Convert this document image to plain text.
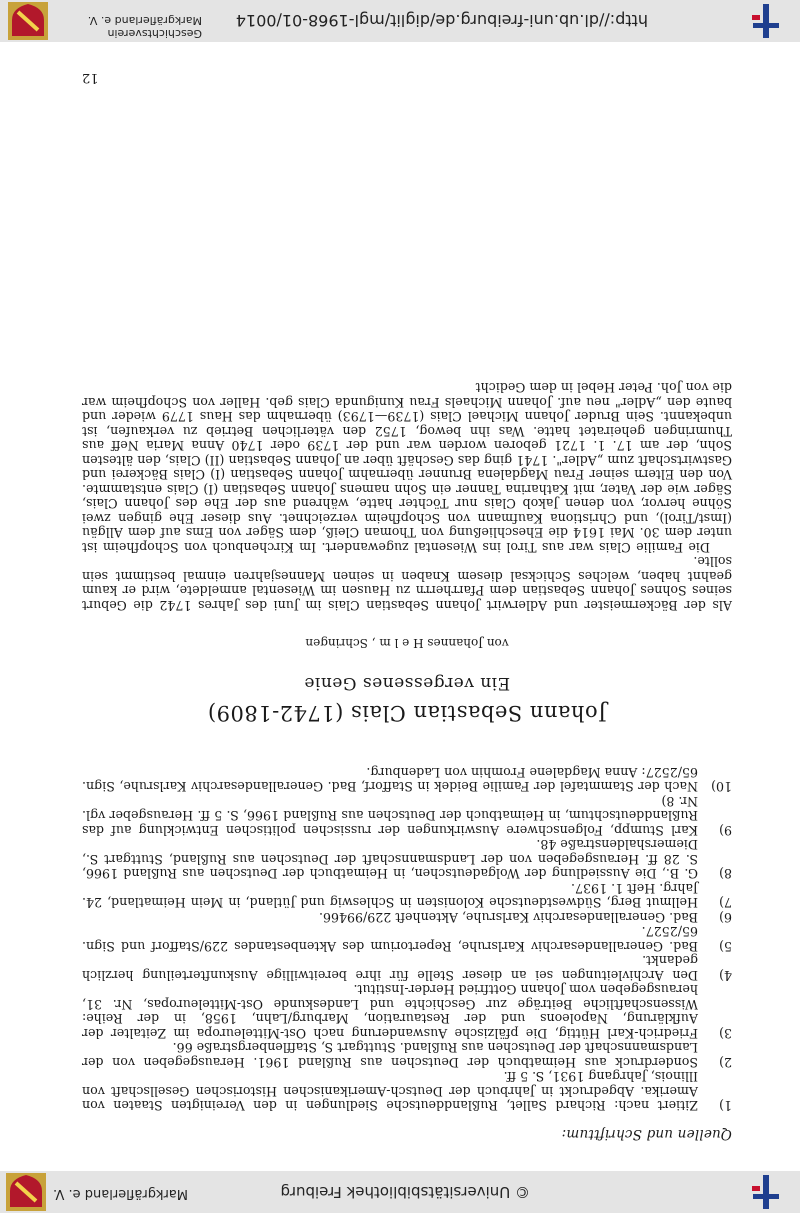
© Universitätsbibliothek Freiburg
Markgräflerland e. V.
Quellen und Schrifttum:
1)
Zitiert nach: Richard Sallet, Rußlanddeutsche Siedlungen in den Vereinigten Staaten von Amerika. Abgedruckt in Jahrbuch der Deutsch-Amerikanischen Historischen Gesellschaft von Illinois, Jahrgang 1931, S. 5 ff.
2)
Sonderdruck aus Heimatbuch der Deutschen aus Rußland 1961. Herausgegeben von der Landsmannschaft der Deutschen aus Rußland. Stuttgart S, Stafflenbergstraße 66.
3)
Friedrich-Karl Hüttig, Die pfälzische Auswanderung nach Ost-Mitteleuropa im Zeitalter der Aufklärung, Napoleons und der Restauration, Marburg/Lahn, 1958, in der Reihe: Wissenschaftliche Beiträge zur Geschichte und Landeskunde Ost-Mitteleuropas, Nr. 31, herausgegeben vom Johann Gottfried Herder-Institut.
4)
Den Archivleitungen sei an dieser Stelle für ihre bereitwillige Auskunfterteilung herzlich gedankt.
5)
Bad. Generallandesarchiv Karlsruhe, Repertorium des Aktenbestandes 229/Stafforf und Sign. 65/2527.
6)
Bad. Generallandesarchiv Karlsruhe, Aktenheft 229/99466.
7)
Hellmut Berg, Südwestdeutsche Kolonisten in Schleswig und Jütland, in Mein Heimatland, 24. Jahrg. Heft 1. 1937.
8)
G. B., Die Aussiedlung der Wolgadeutschen, in Heimatbuch der Deutschen aus Rußland 1966, S. 28 ff. Herausgegeben von der Landsmannschaft der Deutschen aus Rußland, Stuttgart S., Diemershaldenstraße 48.
9)
Karl Stumpp, Folgenschwere Auswirkungen der russischen politischen Entwicklung auf das Rußlanddeutschtum, in Heimatbuch der Deutschen aus Rußland 1966, S. 5 ff. Herausgeber vgl. Nr. 8)
10)
Nach der Stammtafel der Familie Beidek in Stafforf, Bad. Generallandesarchiv Karlsruhe, Sign. 65/2527: Anna Magdalene Fromhin von Ladenburg.
Johann Sebastian Clais (1742-1809)
Ein vergessenes Genie
von Johannes H e l m , Schringen

Als der Bäckermeister und Adlerwirt Johann Sebastian Clais im Juni des Jahres 1742 die Geburt seines Sohnes Johann Sebastian dem Pfarrherrn zu Hausen im Wiesental anmeldete, wird er kaum geahnt haben, welches Schicksal diesem Knaben in seinen Mannesjahren einmal bestimmt sein sollte.

Die Familie Clais war aus Tirol ins Wiesental zugewandert. Im Kirchenbuch von Schopfheim ist unter dem 30. Mai 1614 die Eheschließung von Thoman Cleiß, dem Säger von Ems auf dem Allgäu (Imst/Tirol), und Christiona Kaufmann von Schopfheim verzeichnet. Aus dieser Ehe gingen zwei Söhne hervor, von denen Jakob Clais nur Töchter hatte, während aus der Ehe des Johann Clais, Säger wie der Vater, mit Katharina Tanner ein Sohn namens Johann Sebastian (I) Clais entstammte. Von den Eltern seiner Frau Magdalena Brunner übernahm Johann Sebastian (I) Clais Bäckerei und Gastwirtschaft zum „Adler". 1741 ging das Geschäft über an Johann Sebastian (II) Clais, den ältesten Sohn, der am 17. 1. 1721 geboren worden war und der 1739 oder 1740 Anna Maria Neff aus Thumringen geheiratet hatte. Was ihn bewog, 1752 den väterlichen Betrieb zu verkaufen, ist unbekannt. Sein Bruder Johann Michael Clais (1739—1793) übernahm das Haus 1779 wieder und baute den „Adler" neu auf. Johann Michaels Frau Kunigunda Clais geb. Haller von Schopfheim war die von Joh. Peter Hebel in dem Gedicht

12
Geschichtsverein Markgräflerland e. V. http://dl.ub.uni-freiburg.de/diglit/mgl-1968-01/0014
